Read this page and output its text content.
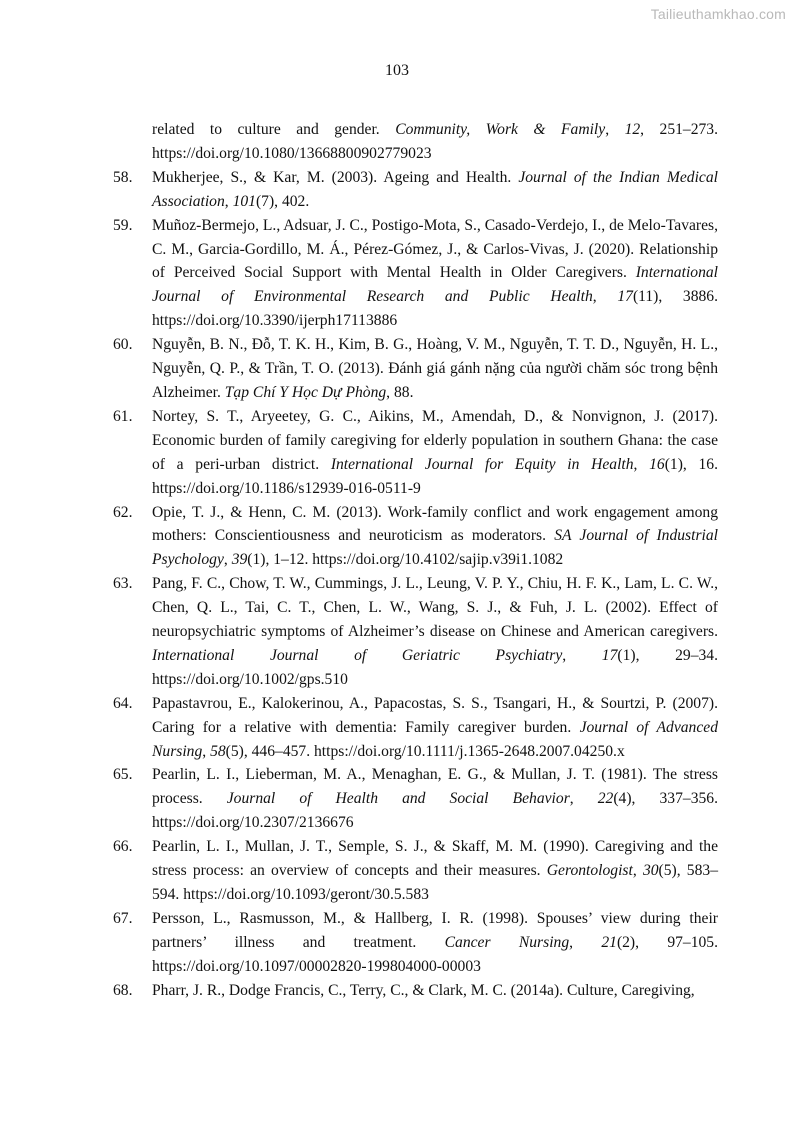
Tailieuthamkhao.com
103
related to culture and gender. Community, Work & Family, 12, 251–273. https://doi.org/10.1080/13668800902779023
58. Mukherjee, S., & Kar, M. (2003). Ageing and Health. Journal of the Indian Medical Association, 101(7), 402.
59. Muñoz-Bermejo, L., Adsuar, J. C., Postigo-Mota, S., Casado-Verdejo, I., de Melo-Tavares, C. M., Garcia-Gordillo, M. Á., Pérez-Gómez, J., & Carlos-Vivas, J. (2020). Relationship of Perceived Social Support with Mental Health in Older Caregivers. International Journal of Environmental Research and Public Health, 17(11), 3886. https://doi.org/10.3390/ijerph17113886
60. Nguyễn, B. N., Đỗ, T. K. H., Kim, B. G., Hoàng, V. M., Nguyễn, T. T. D., Nguyễn, H. L., Nguyễn, Q. P., & Trần, T. O. (2013). Đánh giá gánh nặng của người chăm sóc trong bệnh Alzheimer. Tạp Chí Y Học Dự Phòng, 88.
61. Nortey, S. T., Aryeetey, G. C., Aikins, M., Amendah, D., & Nonvignon, J. (2017). Economic burden of family caregiving for elderly population in southern Ghana: the case of a peri-urban district. International Journal for Equity in Health, 16(1), 16. https://doi.org/10.1186/s12939-016-0511-9
62. Opie, T. J., & Henn, C. M. (2013). Work-family conflict and work engagement among mothers: Conscientiousness and neuroticism as moderators. SA Journal of Industrial Psychology, 39(1), 1–12. https://doi.org/10.4102/sajip.v39i1.1082
63. Pang, F. C., Chow, T. W., Cummings, J. L., Leung, V. P. Y., Chiu, H. F. K., Lam, L. C. W., Chen, Q. L., Tai, C. T., Chen, L. W., Wang, S. J., & Fuh, J. L. (2002). Effect of neuropsychiatric symptoms of Alzheimer’s disease on Chinese and American caregivers. International Journal of Geriatric Psychiatry, 17(1), 29–34. https://doi.org/10.1002/gps.510
64. Papastavrou, E., Kalokerinou, A., Papacostas, S. S., Tsangari, H., & Sourtzi, P. (2007). Caring for a relative with dementia: Family caregiver burden. Journal of Advanced Nursing, 58(5), 446–457. https://doi.org/10.1111/j.1365-2648.2007.04250.x
65. Pearlin, L. I., Lieberman, M. A., Menaghan, E. G., & Mullan, J. T. (1981). The stress process. Journal of Health and Social Behavior, 22(4), 337–356. https://doi.org/10.2307/2136676
66. Pearlin, L. I., Mullan, J. T., Semple, S. J., & Skaff, M. M. (1990). Caregiving and the stress process: an overview of concepts and their measures. Gerontologist, 30(5), 583–594. https://doi.org/10.1093/geront/30.5.583
67. Persson, L., Rasmusson, M., & Hallberg, I. R. (1998). Spouses’ view during their partners’ illness and treatment. Cancer Nursing, 21(2), 97–105. https://doi.org/10.1097/00002820-199804000-00003
68. Pharr, J. R., Dodge Francis, C., Terry, C., & Clark, M. C. (2014a). Culture, Caregiving,
